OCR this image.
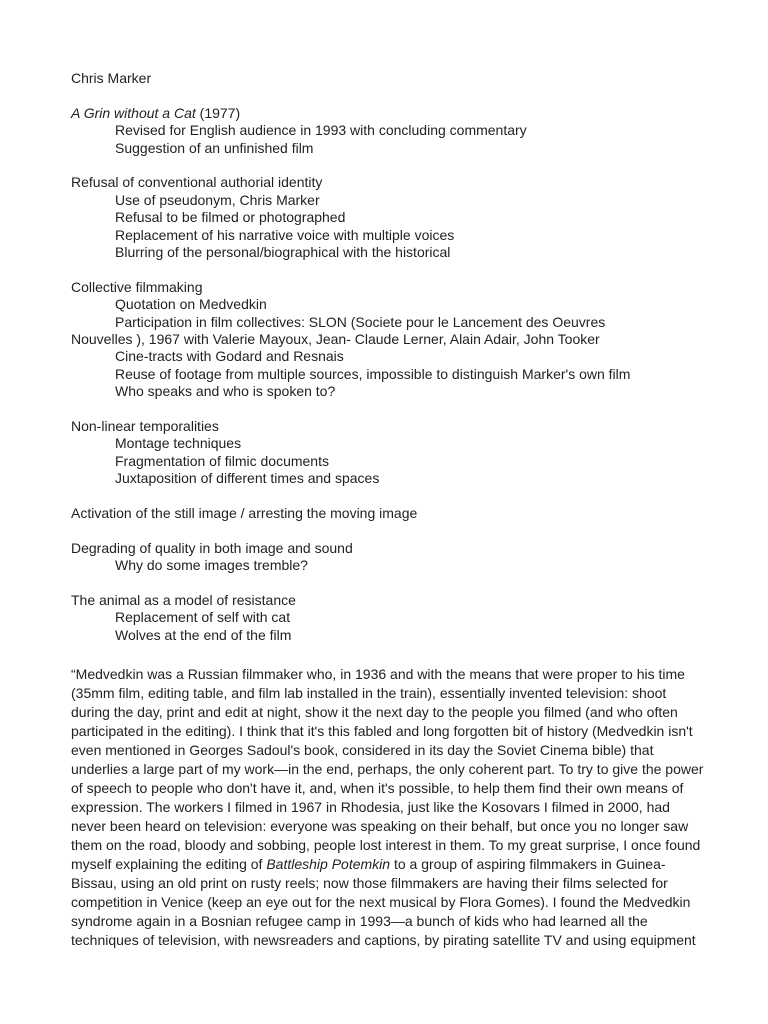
Chris Marker
A Grin without a Cat (1977)
Revised for English audience in 1993 with concluding commentary
Suggestion of an unfinished film
Refusal of conventional authorial identity
Use of pseudonym, Chris Marker
Refusal to be filmed or photographed
Replacement of his narrative voice with multiple voices
Blurring of the personal/biographical with the historical
Collective filmmaking
Quotation on Medvedkin
Participation in film collectives: SLON (Societe pour le Lancement des Oeuvres
Nouvelles ), 1967 with Valerie Mayoux, Jean- Claude Lerner, Alain Adair, John Tooker
Cine-tracts with Godard and Resnais
Reuse of footage from multiple sources, impossible to distinguish Marker's own film
Who speaks and who is spoken to?
Non-linear temporalities
Montage techniques
Fragmentation of filmic documents
Juxtaposition of different times and spaces
Activation of the still image / arresting the moving image
Degrading of quality in both image and sound
Why do some images tremble?
The animal as a model of resistance
Replacement of self with cat
Wolves at the end of the film
“Medvedkin was a Russian filmmaker who, in 1936 and with the means that were proper to his time
(35mm film, editing table, and film lab installed in the train), essentially invented television: shoot
during the day, print and edit at night, show it the next day to the people you filmed (and who often
participated in the editing). I think that it's this fabled and long forgotten bit of history (Medvedkin isn't
even mentioned in Georges Sadoul's book, considered in its day the Soviet Cinema bible) that
underlies a large part of my work—in the end, perhaps, the only coherent part. To try to give the power
of speech to people who don't have it, and, when it's possible, to help them find their own means of
expression. The workers I filmed in 1967 in Rhodesia, just like the Kosovars I filmed in 2000, had
never been heard on television: everyone was speaking on their behalf, but once you no longer saw
them on the road, bloody and sobbing, people lost interest in them. To my great surprise, I once found
myself explaining the editing of Battleship Potemkin to a group of aspiring filmmakers in Guinea-
Bissau, using an old print on rusty reels; now those filmmakers are having their films selected for
competition in Venice (keep an eye out for the next musical by Flora Gomes). I found the Medvedkin
syndrome again in a Bosnian refugee camp in 1993—a bunch of kids who had learned all the
techniques of television, with newsreaders and captions, by pirating satellite TV and using equipment
